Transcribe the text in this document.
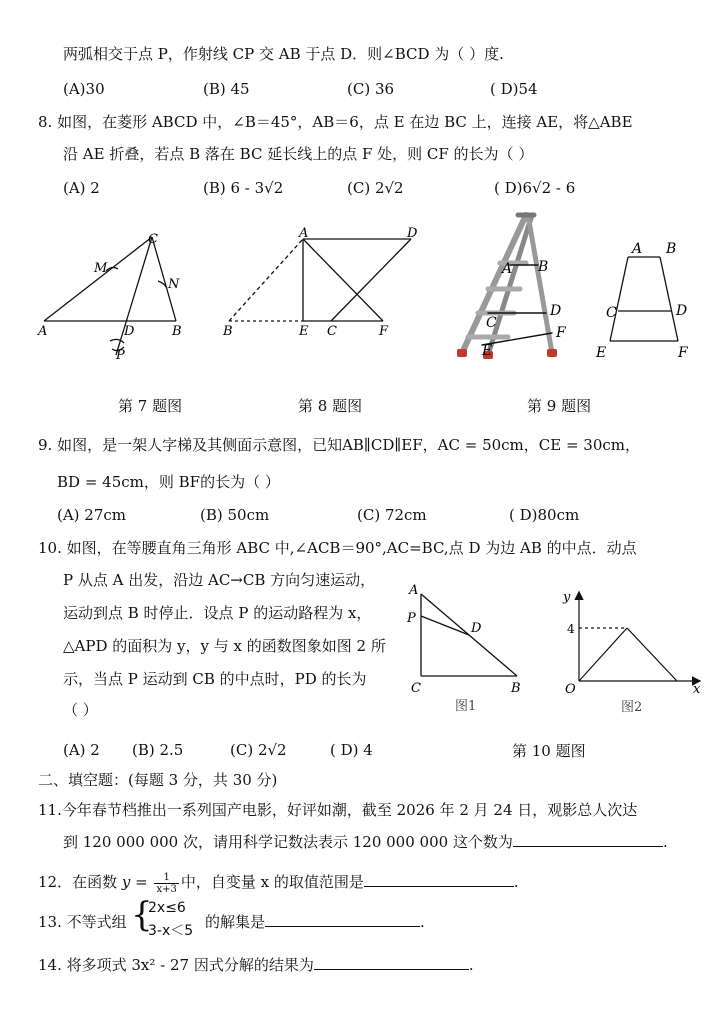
两弧相交于点 P，作射线 CP 交 AB 于点 D．则∠BCD 为（ ）度.
(A)30	(B) 45	(C) 36	( D)54
8. 如图，在菱形 ABCD 中，∠B＝45°，AB＝6，点 E 在边 BC 上，连接 AE，将△ABE
沿 AE 折叠，若点 B 落在 BC 延长线上的点 F 处，则 CF 的长为（ ）
(A) 2	(B) 6 - 3√2	(C) 2√2	( D)6√2 - 6
C
M
N
A	D	B
P
A	D
B	E C	F
A B
C
D
E
F
A B
C	D
E	F
第 7 题图	第 8 题图	第 9 题图
9. 如图，是一架人字梯及其侧面示意图，已知AB∥CD∥EF，AC = 50cm，CE = 30cm，
BD = 45cm，则 BF的长为（ ）
(A) 27cm	(B) 50cm	(C) 72cm	( D)80cm
10. 如图，在等腰直角三角形 ABC 中,∠ACB＝90°,AC=BC,点 D 为边 AB 的中点．动点
P 从点 A 出发，沿边 AC→CB 方向匀速运动，
运动到点 B 时停止．设点 P 的运动路程为 x，
△APD 的面积为 y，y 与 x 的函数图象如图 2 所
示，当点 P 运动到 CB 的中点时，PD 的长为
（ ）
(A) 2 (B) 2.5	(C) 2√2	( D) 4	第 10 题图
A
P
D
C	B
图1
y
x
4
O
图2
二、填空题：(每题 3 分，共 30 分)
11.今年春节档推出一系列国产电影，好评如潮，截至 2026 年 2 月 24 日，观影总人次达
到 120 000 000 次，请用科学记数法表示 120 000 000 这个数为	.
12．在函数 $y = \frac{1}{x+3}$ 中，自变量 x 的取值范围是	.
13. 不等式组 {
2x≤6
3-x＜5 的解集是	.
14. 将多项式 3x² - 27 因式分解的结果为	.
